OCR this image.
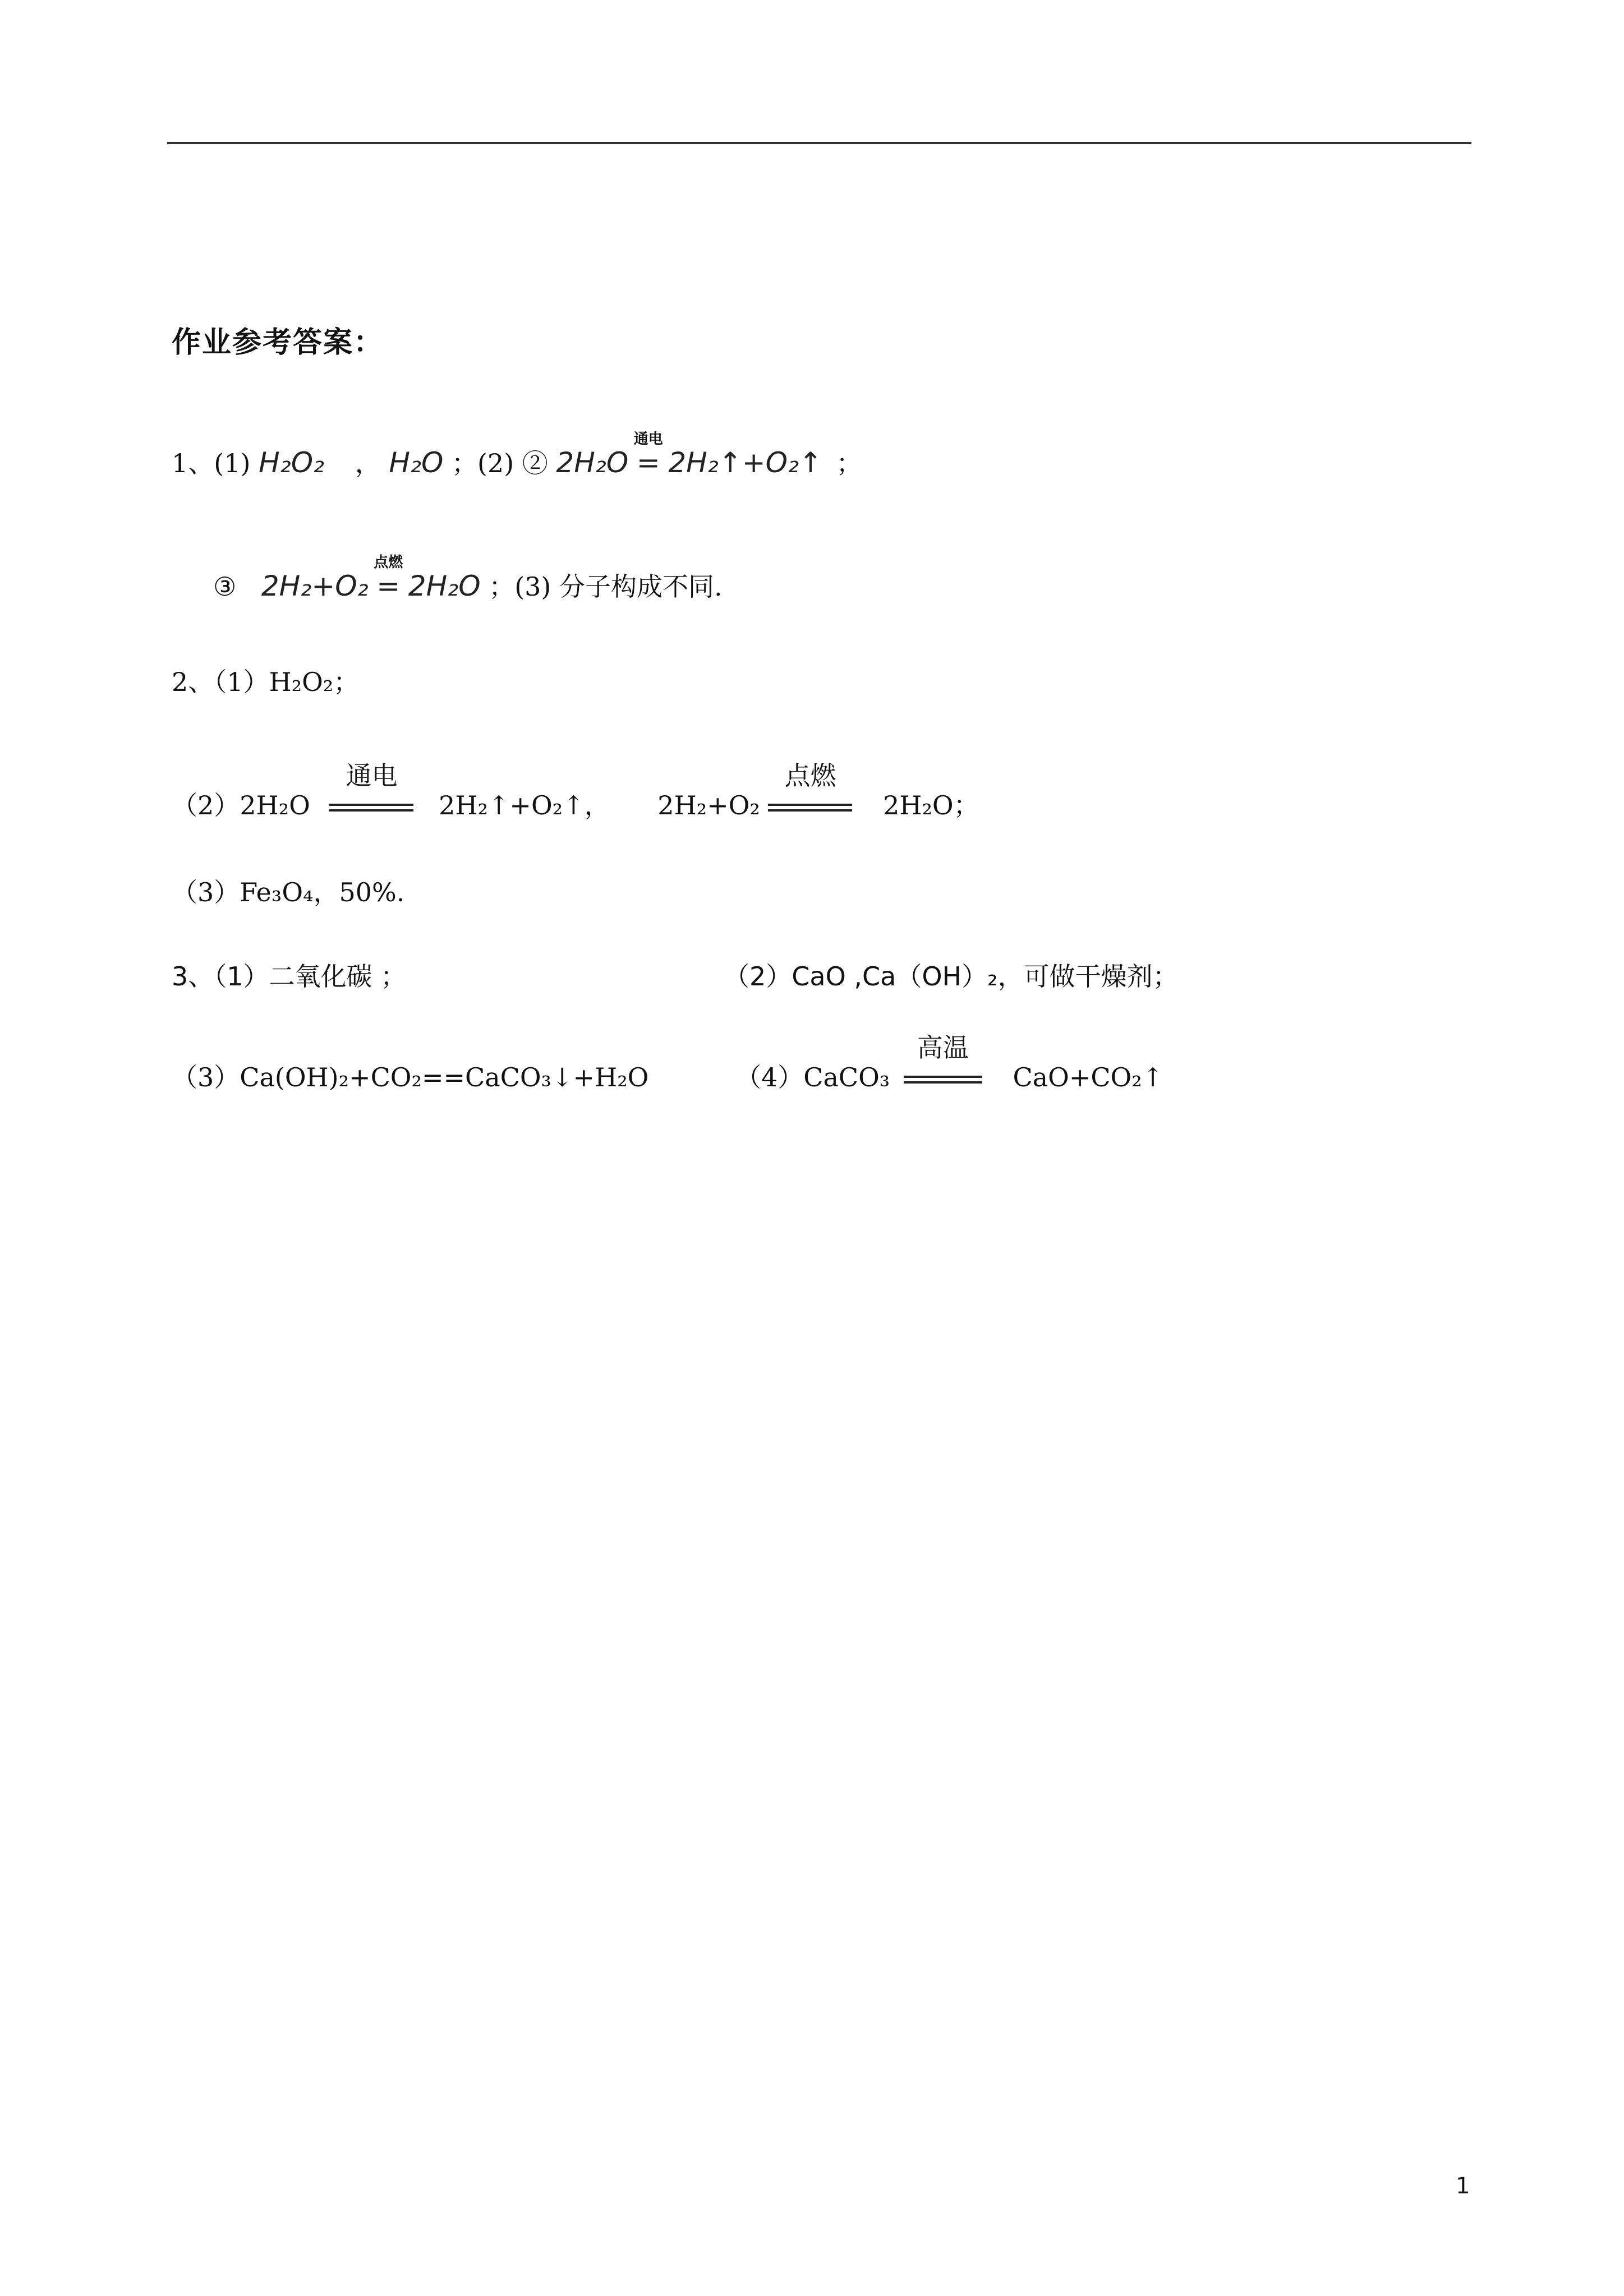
作业参考答案：
1、(1) H₂O₂ ， H₂O ；(2) ② 2H₂O
通电
= 2H₂↑+O₂↑ ；
③ 2H₂+O₂
点燃
= 2H₂O ；(3) 分子构成不同.
2、（1）H₂O₂；
（2）2H₂O
通电
2H₂↑+O₂↑， 2H₂+O₂
点燃
2H₂O；
（3）Fe₃O₄，50%.
3、（1）二氧化碳 ；	（2）CaO ,Ca（OH）₂，可做干燥剂；
（3）Ca(OH)₂+CO₂==CaCO₃↓+H₂O	（4）CaCO₃
高温
CaO+CO₂↑
1
